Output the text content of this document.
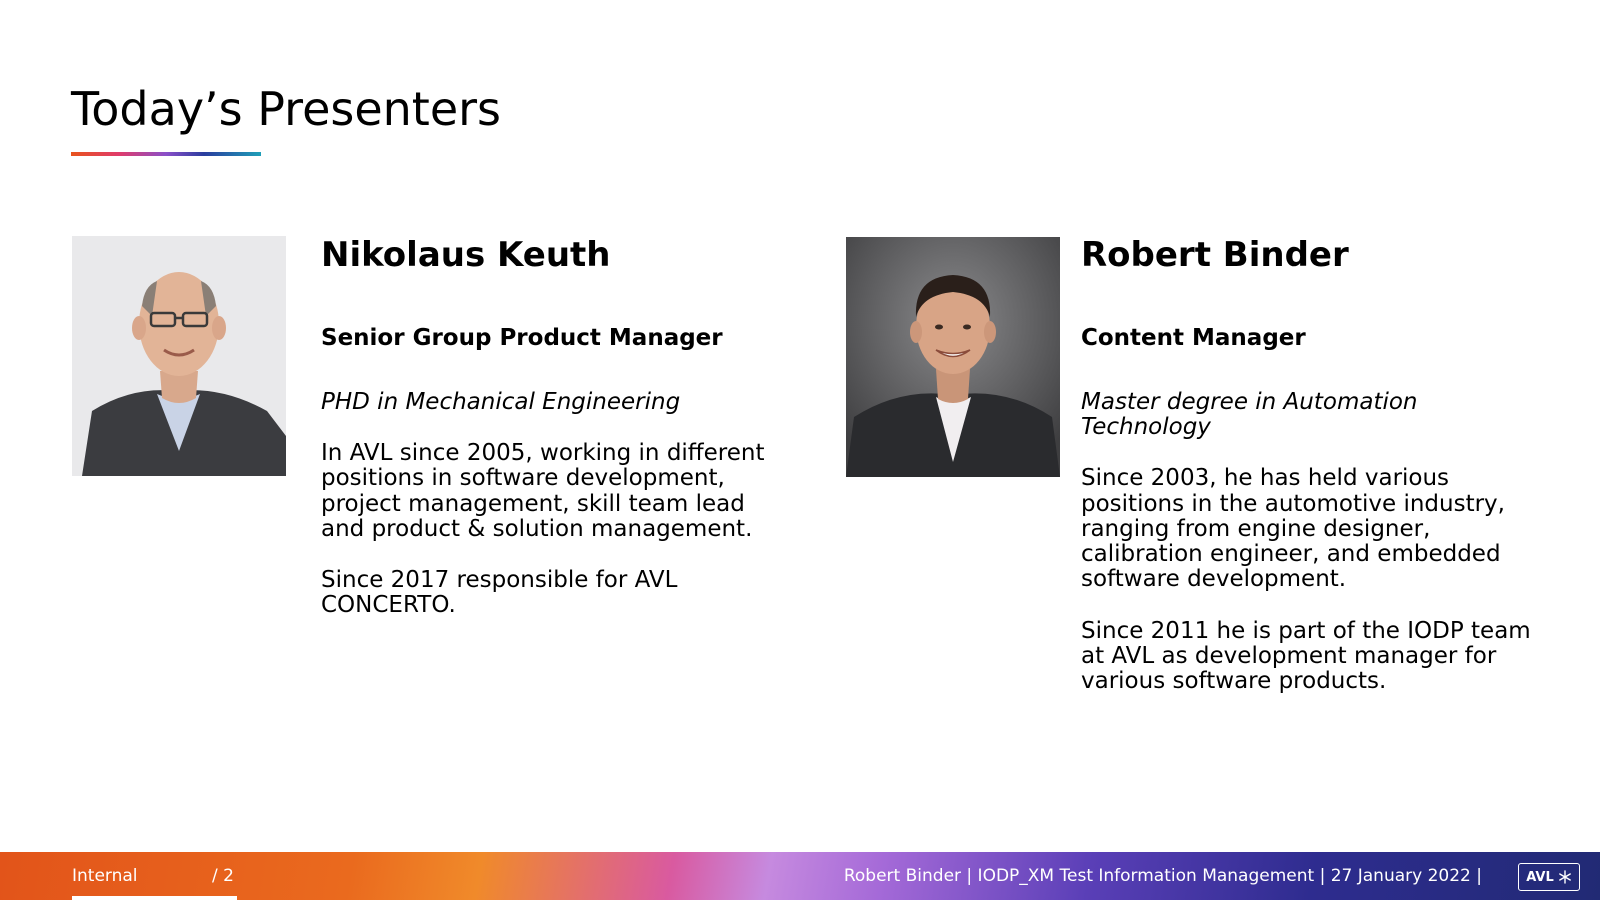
Today’s Presenters

Nikolaus Keuth

Senior Group Product Manager

PHD in Mechanical Engineering

In AVL since 2005, working in different positions in software development, project management, skill team lead and product & solution management.

Since 2017 responsible for AVL CONCERTO.

Robert Binder

Content Manager

Master degree in Automation Technology

Since 2003, he has held various positions in the automotive industry, ranging from engine designer, calibration engineer, and embedded software development.

Since 2011 he is part of the IODP team at AVL as development manager for various software products.

Internal	/ 2	Robert Binder | IODP_XM Test Information Management | 27 January 2022 |	AVL
